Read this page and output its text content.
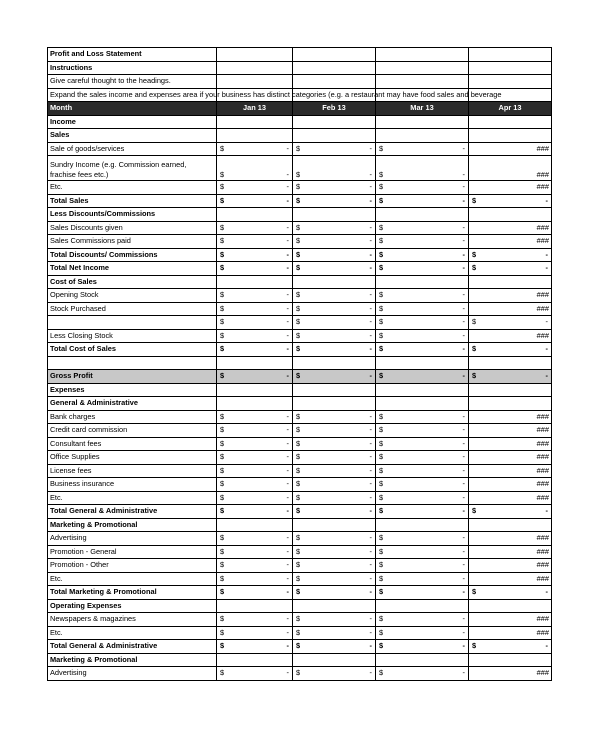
Profit and Loss Statement				
Instructions				
Give careful thought to the headings.				
Expand the sales income and expenses area if your business has distinct categories (e.g. a restaurant may have food sales and beverage				
Month	Jan 13	Feb 13	Mar 13	Apr 13
Income				
Sales				
Sale of goods/services	$ -	$ -	$ -	###

Sundry Income (e.g. Commission earned, frachise fees etc.)	$ -	$ -	$ -	###

Etc.	$ -	$ -	$ -	###

Total Sales	$ -	$ -	$ -	$ -

Less Discounts/Commissions				
Sales Discounts given	$ -	$ -	$ -	###

Sales Commissions paid	$ -	$ -	$ -	###

Total Discounts/ Commissions	$ -	$ -	$ -	$ -

Total Net Income	$ -	$ -	$ -	$ -

Cost of Sales				
Opening Stock	$ -	$ -	$ -	###

Stock Purchased	$ -	$ -	$ -	###

	$ -	$ -	$ -	$ -

Less Closing Stock	$ -	$ -	$ -	###

Total Cost of Sales	$ -	$ -	$ -	$ -

Gross Profit	$ -	$ -	$ -	$ -

Expenses				
General & Administrative				
Bank charges	$ -	$ -	$ -	###

Credit card commission	$ -	$ -	$ -	###

Consultant fees	$ -	$ -	$ -	###

Office Supplies	$ -	$ -	$ -	###

License fees	$ -	$ -	$ -	###

Business insurance	$ -	$ -	$ -	###

Etc.	$ -	$ -	$ -	###

Total General & Administrative	$ -	$ -	$ -	$ -

Marketing & Promotional				
Advertising	$ -	$ -	$ -	###

Promotion - General	$ -	$ -	$ -	###

Promotion - Other	$ -	$ -	$ -	###

Etc.	$ -	$ -	$ -	###

Total Marketing & Promotional	$ -	$ -	$ -	$ -

Operating Expenses				
Newspapers & magazines	$ -	$ -	$ -	###

Etc.	$ -	$ -	$ -	###

Total General & Administrative	$ -	$ -	$ -	$ -

Marketing & Promotional				
Advertising	$ -	$ -	$ -	###
